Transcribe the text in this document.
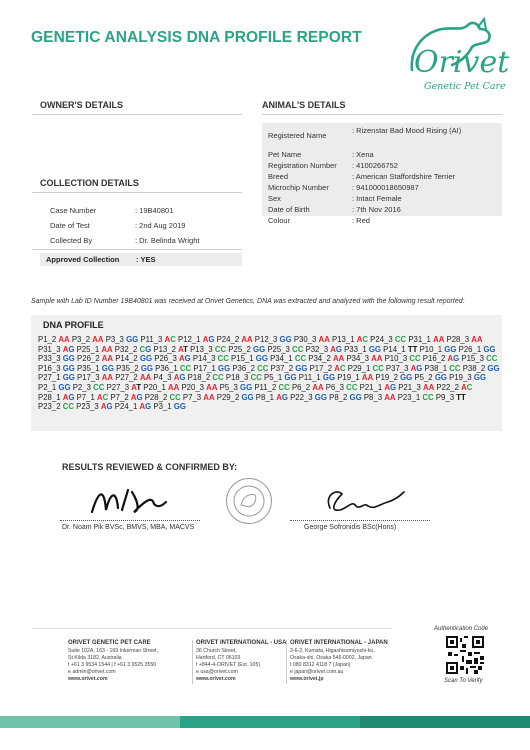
GENETIC ANALYSIS DNA PROFILE REPORT
Orivet
Genetic Pet Care
OWNER'S DETAILS	ANIMAL'S DETAILS
Registered Name
: Rizenstar Bad Mood Rising (AI)
Pet Name	: Xena
Registration Number : 4100266752
Breed	: American Staffordshire Terrier
Microchip Number	: 941000018650987
Sex	: Intact Female
Date of Birth	: 7th Nov 2016
Colour	: Red
COLLECTION DETAILS
Case Number	: 19B40801
Date of Test	: 2nd Aug 2019
Collected By	: Dr. Belinda Wright
Approved Collection : YES
Sample with Lab ID Number 19B40801 was received at Orivet Genetics, DNA was extracted and analyzed with the following result reported:
DNA PROFILE
P1_2 AA P3_2 AA P3_3 GG P11_3 AC P12_1 AG P24_2 AA P12_3 GG P30_3 AA P13_1 AC P24_3 CC P31_1 AA P28_3 AA P31_3 AG P25_1 AA P32_2 CG P13_2 AT P13_3 CC P25_2 GG P25_3 CC P32_3 AG P33_1 GG P14_1 TT P10_1 GG P26_1 GG P33_3 GG P26_2 AA P14_2 GG P26_3 AG P14_3 CC P15_1 GG P34_1 CC P34_2 AA P34_3 AA P10_3 CC P16_2 AG P15_3 CC P16_3 GG P35_1 GG P35_2 GG P36_1 CC P17_1 GG P36_2 CC P37_2 GG P17_2 AC P29_1 CC P37_3 AG P38_1 CC P38_2 GG P27_1 GG P17_3 AA P27_2 AA P4_3 AG P18_2 CC P18_3 CC P5_1 GG P11_1 GG P19_1 AA P19_2 GG P5_2 GG P19_3 GG P2_1 GG P2_3 CC P27_3 AT P20_1 AA P20_3 AA P5_3 GG P11_2 CC P6_2 AA P6_3 CC P21_1 AG P21_3 AA P22_2 AC P28_1 AG P7_1 AC P7_2 AG P28_2 CC P7_3 AA P29_2 GG P8_1 AG P22_3 GG P8_2 GG P8_3 AA P23_1 CC P9_3 TT P23_2 CC P23_3 AG P24_1 AG P3_1 GG
RESULTS REVIEWED & CONFIRMED BY:
Dr. Noam Pik BVSc, BMVS, MBA, MACVS	George Sofronidis BSc(Hons)
ORIVET GENETIC PET CARE
Suite 102A, 163 - 169 Inkerman Street,
St Kilda 3182, Australia
t +61 3 9534 1544 | f +61 3 9525 3550
e admin@orivet.com
www.orivet.com
ORIVET INTERNATIONAL - USA
36 Church Street,
Hartford, CT 06103
t +844-4-ORIVET (Ext. 105)
e usa@orivet.com
www.orivet.com
ORIVET INTERNATIONAL - JAPAN
3-6-2, Kumata, Higashisumiyoshi-ku,
Osaka-shi, Osaka 546-0002, Japan
t 080 8312 4118 7 (Japan)
e japan@orivet.com.au
www.orivet.jp
Authentication Code
Scan To Verify
